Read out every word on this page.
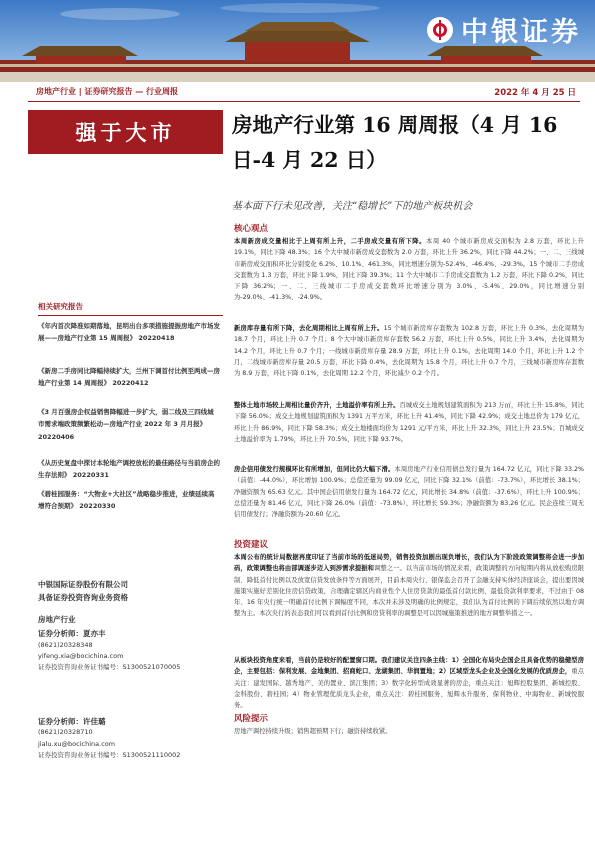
中银证券
房地产行业 | 证券研究报告 — 行业周报	2022 年 4 月 25 日
强于大市	房地产行业第 16 周周报（4 月 16 日-4 月 22 日）
基本面下行未见改善，关注“稳增长”下的地产板块机会
核心观点
本周新房成交量相比于上周有所上升，二手房成交量有所下降。本周 40 个城市新房成交面积为 2.8 万套，环比上升 19.1%，同比下降 48.3%；16 个大中城市新房成交套数为 2.0 万套，环比上升 36.2%，同比下降 44.2%；一、二、三线城市新房成交面积环比分别变化 6.2%、10.1%、461.3%，同比增速分别为-52.4%、-46.4%、-29.3%。15 个城市二手房成交套数为 1.3 万套，环比下降 1.9%，同比下降 39.3%；11 个大中城市二手房成交套数为 1.2 万套，环比下降 0.2%，同比下降 36.2%；一、二、三线城市二手房成交套数环比增速分别为 3.0%、-5.4%、29.0%，同比增速分别为-29.0%、-41.3%、-24.9%。
新房库存量有所下降，去化周期相比上周有所上升。15 个城市新房库存套数为 102.8 万套，环比上升 0.3%，去化周期为 18.7 个月，环比上升 0.7 个月；8 个大中城市新房库存套数 56.2 万套，环比上升 0.5%，同比上升 3.4%，去化周期为 14.2 个月，环比上升 0.7 个月；一线城市新房库存量 28.9 万套，环比上升 0.1%，去化周期 14.0 个月，环比上升 1.2 个月，二线城市新房库存量 20.5 万套，环比下降 0.4%，去化周期为 15.8 个月，环比上升 0.7 个月，三线城市新房库存套数为 8.9 万套，环比下降 0.1%，去化周期 12.2 个月，环比减少 0.2 个月。
整体土地市场较上周相比量价齐升，土地溢价率有所上升。百城成交土地规划建筑面积为 213 万㎡，环比上升 15.8%，同比下降 56.0%；成交土地规划建筑面积为 1391 万平方米，环比上升 41.4%，同比下降 42.9%；成交土地总价为 179 亿元，环比上升 86.9%，同比下降 58.3%；成交土地楼面均价为 1291 元/平方米，环比上升 32.3%，同比上升 23.5%；百城成交土地溢价率为 1.79%，环比上升 70.5%，同比下降 93.7%。
房企信用债发行规模环比有所增加，但同比仍大幅下滑。本周房地产行业信用债总发行量为 164.72 亿元，同比下降 33.2%（前值：-44.0%），环比增加 100.9%；总偿还量为 99.09 亿元，同比下降 32.1%（前值：-73.7%），环比增长 38.1%；净融资额为 65.63 亿元。其中国企信用债发行量为 164.72 亿元，同比增长 34.8%（前值：-37.6%），环比上升 100.9%；总偿还量为 81.46 亿元，同比下降 26.0%（前值：-73.8%），环比增长 59.3%；净融资额为 83.26 亿元。民企连续三周无信用债发行；净融资额为-20.60 亿元。
投资建议
本周公布的统计局数据再度印证了当前市场的低迷局势，销售投资加剧出现负增长，我们认为下阶段政策调整将会进一步加码，政策调整也将由部调逐步迈入到涉需求提振和调整之一。以当前市场的情况来看，政策调整的方向短期内将从放松购房限制、降低首付比例以及放宽信贷发放条件等方面展开，目前本周央行、银保监会召开了金融支持实体经济座谈会，提出要因城施策实施好差别化住房信贷政策，合理确定辖区内商业性个人住房贷款的最低首付款比例、最低贷款利率要求，不过由于 08 年、16 年央行统一明确首付比例下调幅度不同，本次并未涉及明确的比例规定，我们认为首付比例的下调后续依然以地方调整为主。本次央行的表态我们可以看到首付比例和房贷利率的调整是可以因城施策推进的地方调整举措之一。
从板块投资角度来看，当前仍是较好的配置窗口期。我们建议关注四条主线：1）全国化布局央企国企且具备优势的稳健型房企，主要包括：保利发展、金地集团、招商蛇口、龙湖集团、华润置地；2）区域型龙头企业及全国化发展的优质房企，重点关注：建发国际、越秀地产、美的置业、滨江集团；3）数字化转型成效显著的房企，重点关注：旭辉控股集团、新城控股、金科股份、碧桂园；4）物业管理优质龙头企业，重点关注：碧桂园服务、旭辉永升服务、保利物业、中海物业、新城悦服务。
风险提示
房地产调控持续升级；销售超预期下行；融资持续收紧。
相关研究报告
《年内首次降准如期落地，昆明出台多项措施提振房地产市场发展——房地产行业第 15 周周报》 20220418
《新房二手房同比降幅持续扩大，兰州下调首付比例至两成—房地产行业第 14 周周报》 20220412
《3 月百强房企权益销售降幅进一步扩大，弱二线及三四线城市需求端政策频繁松动—房地产行业 2022 年 3 月月报》 20220406
《从历史复盘中探讨本轮地产调控放松的最佳路径与当前房企的生存法则》 20220331
《碧桂园服务：“大物业+大社区”战略稳步推进，业绩延续高增符合预期》 20220330
中银国际证券股份有限公司
具备证券投资咨询业务资格
房地产行业
证券分析师：夏亦丰
(8621)20328348
yifeng.xia@bocichina.com
证券投资咨询业务证书编号：S1300521070005
证券分析师：许佳璐
(8621)20328710
jialu.xu@bocichina.com
证券投资咨询业务证书编号：S1300521110002
